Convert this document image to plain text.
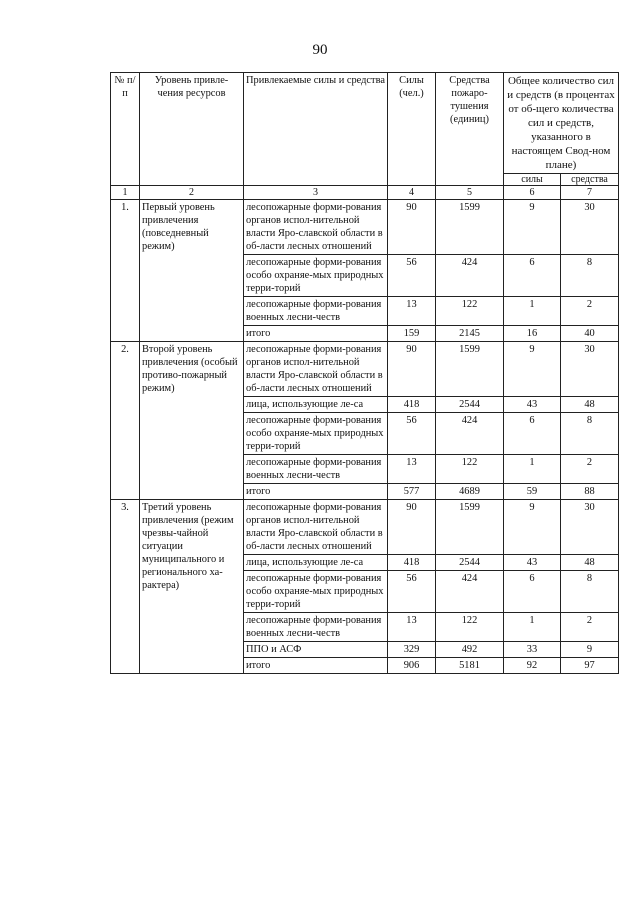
90
№ п/п	Уровень привле-чения ресурсов	Привлекаемые силы и средства	Силы (чел.)	Средства пожаро-тушения (единиц)	Общее количество сил и средств (в процентах от об-щего количества сил и средств, указанного в настоящем Свод-ном плане)	
					силы	средства
1	2	3	4	5	6	7
1.	Первый уровень привлечения (повседневный режим)	лесопожарные форми-рования органов испол-нительной власти Яро-славской области в об-ласти лесных отношений	90	1599	9	30
		лесопожарные форми-рования особо охраняе-мых природных терри-торий	56	424	6	8
		лесопожарные форми-рования военных лесни-честв	13	122	1	2
		итого	159	2145	16	40
2.	Второй уровень привлечения (особый противо-пожарный режим)	лесопожарные форми-рования органов испол-нительной власти Яро-славской области в об-ласти лесных отношений	90	1599	9	30
		лица, использующие ле-са	418	2544	43	48
		лесопожарные форми-рования особо охраняе-мых природных терри-торий	56	424	6	8
		лесопожарные форми-рования военных лесни-честв	13	122	1	2
		итого	577	4689	59	88
3.	Третий уровень привлечения (режим чрезвы-чайной ситуации муниципального и регионального ха-рактера)	лесопожарные форми-рования органов испол-нительной власти Яро-славской области в об-ласти лесных отношений	90	1599	9	30
		лица, использующие ле-са	418	2544	43	48
		лесопожарные форми-рования особо охраняе-мых природных терри-торий	56	424	6	8
		лесопожарные форми-рования военных лесни-честв	13	122	1	2
		ППО и АСФ	329	492	33	9
		итого	906	5181	92	97
